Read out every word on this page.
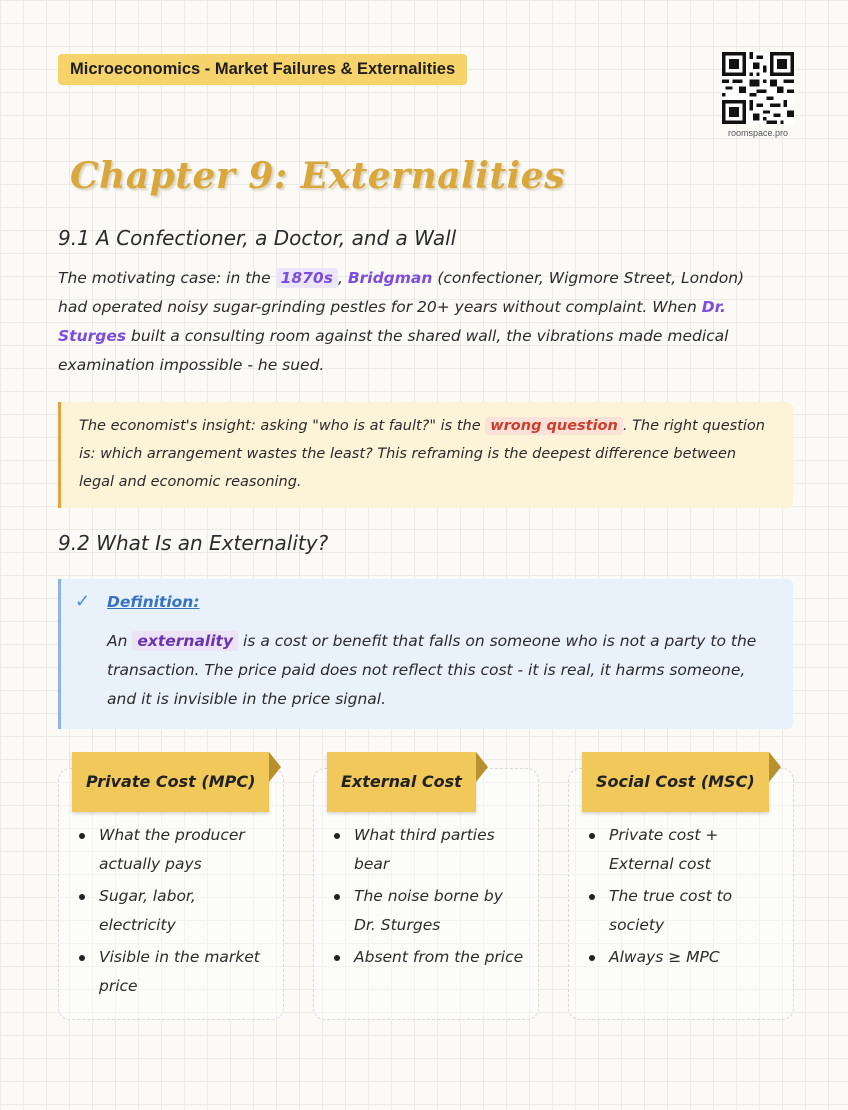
Microeconomics - Market Failures & Externalities
roomspace.pro
Chapter 9: Externalities
9.1 A Confectioner, a Doctor, and a Wall

The motivating case: in the 1870s , Bridgman (confectioner, Wigmore Street, London) had operated noisy sugar-grinding pestles for 20+ years without complaint. When Dr. Sturges built a consulting room against the shared wall, the vibrations made medical examination impossible - he sued.

The economist's insight: asking "who is at fault?" is the wrong question . The right question is: which arrangement wastes the least? This reframing is the deepest difference between legal and economic reasoning.
9.2 What Is an Externality?
✓ Definition:

An externality is a cost or benefit that falls on someone who is not a party to the transaction. The price paid does not reflect this cost - it is real, it harms someone, and it is invisible in the price signal.

What the producer actually pays
Sugar, labor, electricity
Visible in the market price
Private Cost (MPC)
What third parties bear
The noise borne by Dr. Sturges
Absent from the price
External Cost
Private cost + External cost
The true cost to society
Always ≥ MPC
Social Cost (MSC)
